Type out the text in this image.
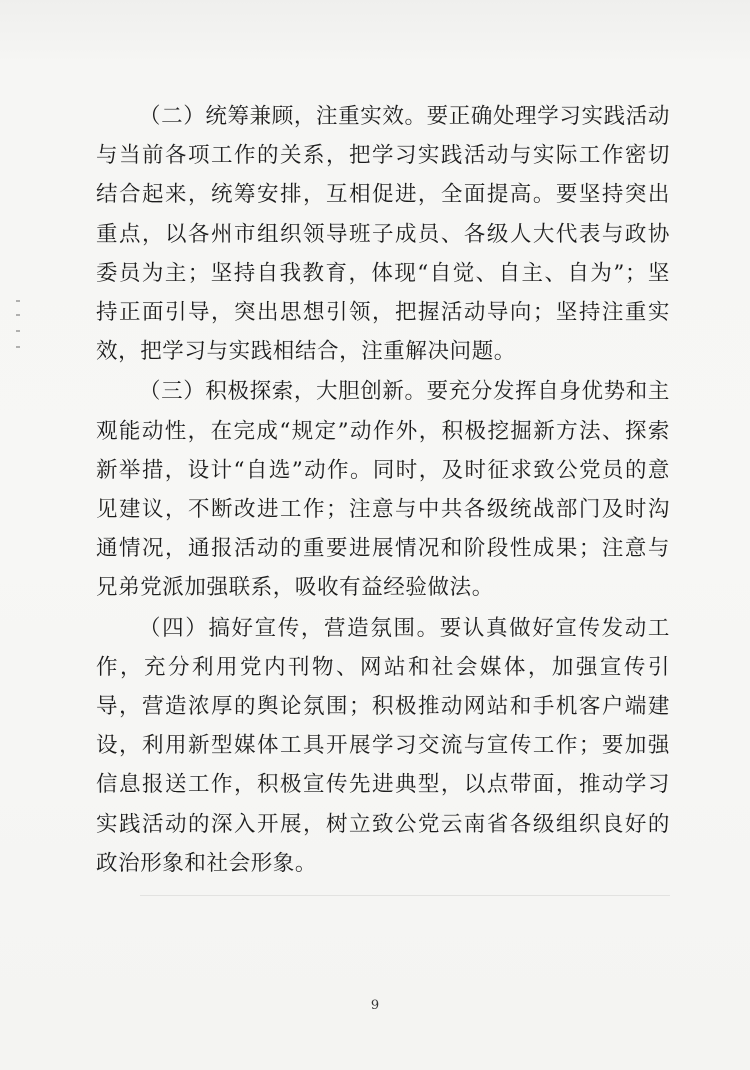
（二）统筹兼顾，注重实效。要正确处理学习实践活动与当前各项工作的关系，把学习实践活动与实际工作密切结合起来，统筹安排，互相促进，全面提高。要坚持突出重点，以各州市组织领导班子成员、各级人大代表与政协委员为主；坚持自我教育，体现“自觉、自主、自为”；坚持正面引导，突出思想引领，把握活动导向；坚持注重实效，把学习与实践相结合，注重解决问题。

（三）积极探索，大胆创新。要充分发挥自身优势和主观能动性，在完成“规定”动作外，积极挖掘新方法、探索新举措，设计“自选”动作。同时，及时征求致公党员的意见建议，不断改进工作；注意与中共各级统战部门及时沟通情况，通报活动的重要进展情况和阶段性成果；注意与兄弟党派加强联系，吸收有益经验做法。

（四）搞好宣传，营造氛围。要认真做好宣传发动工作，充分利用党内刊物、网站和社会媒体，加强宣传引导，营造浓厚的舆论氛围；积极推动网站和手机客户端建设，利用新型媒体工具开展学习交流与宣传工作；要加强信息报送工作，积极宣传先进典型，以点带面，推动学习实践活动的深入开展，树立致公党云南省各级组织良好的政治形象和社会形象。

9
